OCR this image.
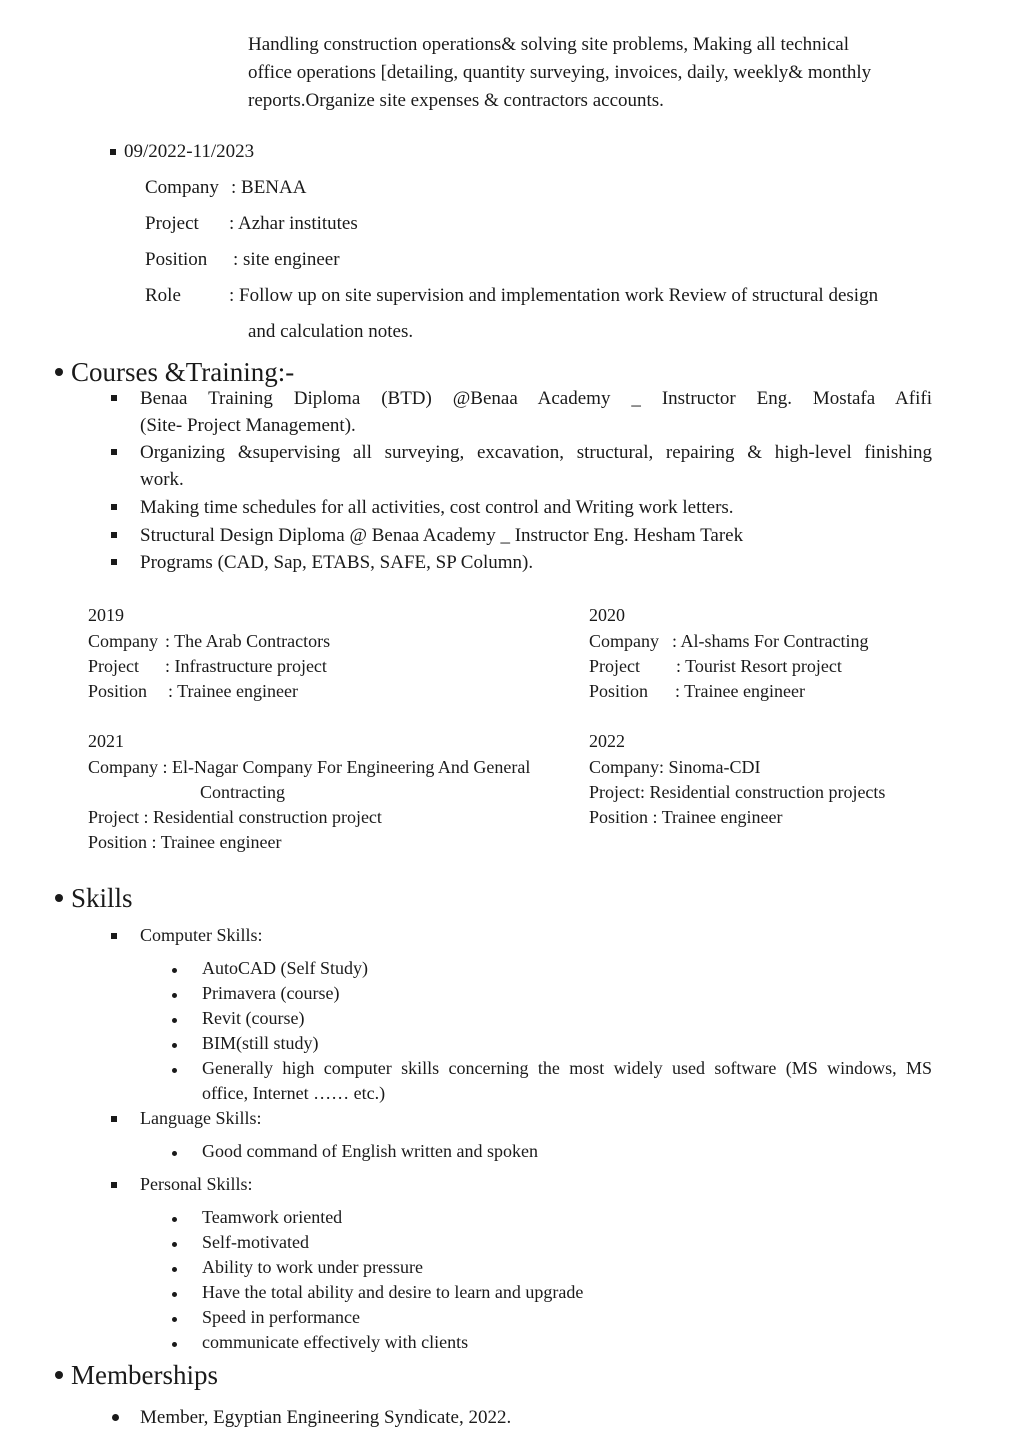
Handling construction operations& solving site problems, Making all technical
office operations [detailing, quantity surveying, invoices, daily, weekly& monthly
reports.Organize site expenses & contractors accounts.
09/2022-11/2023
Company : BENAA
Project : Azhar institutes
Position : site engineer
Role	: Follow up on site supervision and implementation work Review of structural design
and calculation notes.
Courses &Training:-
Benaa Training Diploma (BTD) @Benaa Academy _ Instructor Eng. Mostafa Afifi
(Site- Project Management).
Organizing &supervising all surveying, excavation, structural, repairing & high-level finishing
work.
Making time schedules for all activities, cost control and Writing work letters.
Structural Design Diploma @ Benaa Academy _ Instructor Eng. Hesham Tarek
Programs (CAD, Sap, ETABS, SAFE, SP Column).
2019
Company : The Arab Contractors
Project : Infrastructure project
Position : Trainee engineer
2020
Company : Al-shams For Contracting
Project : Tourist Resort project
Position : Trainee engineer
2021
Company : El-Nagar Company For Engineering And General
Contracting
Project : Residential construction project
Position : Trainee engineer
2022
Company: Sinoma-CDI
Project: Residential construction projects
Position : Trainee engineer
Skills
Computer Skills:
AutoCAD (Self Study)
Primavera (course)
Revit (course)
BIM(still study)
Generally high computer skills concerning the most widely used software (MS windows, MS
office, Internet …… etc.)
Language Skills:
Good command of English written and spoken
Personal Skills:
Teamwork oriented
Self-motivated
Ability to work under pressure
Have the total ability and desire to learn and upgrade
Speed in performance
communicate effectively with clients
Memberships
Member, Egyptian Engineering Syndicate, 2022.
